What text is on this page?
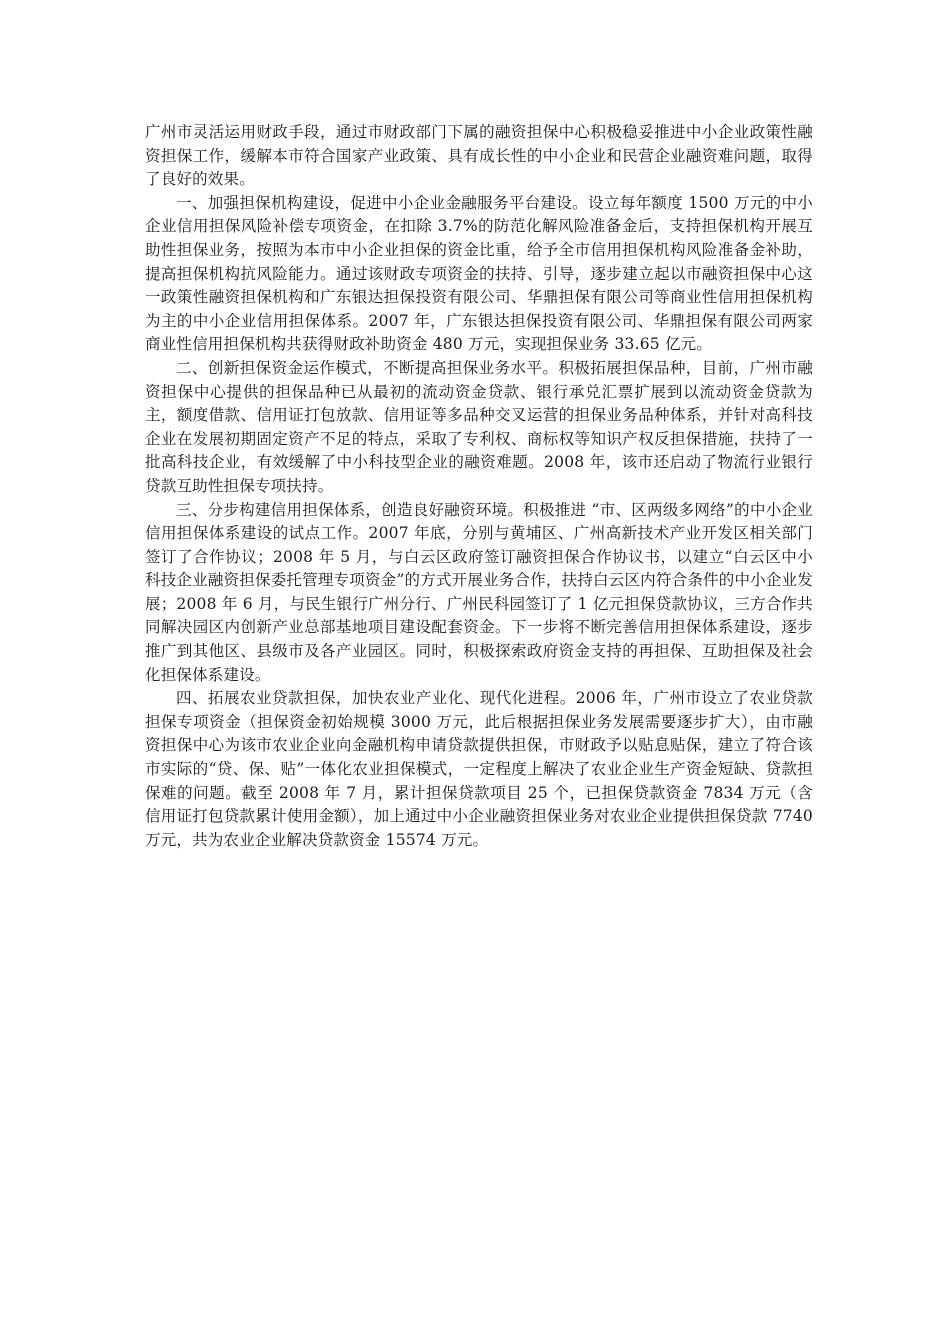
广州市灵活运用财政手段，通过市财政部门下属的融资担保中心积极稳妥推进中小企业政策性融资担保工作，缓解本市符合国家产业政策、具有成长性的中小企业和民营企业融资难问题，取得了良好的效果。

一、加强担保机构建设，促进中小企业金融服务平台建设。设立每年额度 1500 万元的中小企业信用担保风险补偿专项资金，在扣除 3.7%的防范化解风险准备金后，支持担保机构开展互助性担保业务，按照为本市中小企业担保的资金比重，给予全市信用担保机构风险准备金补助，提高担保机构抗风险能力。通过该财政专项资金的扶持、引导，逐步建立起以市融资担保中心这一政策性融资担保机构和广东银达担保投资有限公司、华鼎担保有限公司等商业性信用担保机构为主的中小企业信用担保体系。2007 年，广东银达担保投资有限公司、华鼎担保有限公司两家商业性信用担保机构共获得财政补助资金 480 万元，实现担保业务 33.65 亿元。

二、创新担保资金运作模式，不断提高担保业务水平。积极拓展担保品种，目前，广州市融资担保中心提供的担保品种已从最初的流动资金贷款、银行承兑汇票扩展到以流动资金贷款为主，额度借款、信用证打包放款、信用证等多品种交叉运营的担保业务品种体系，并针对高科技企业在发展初期固定资产不足的特点，采取了专利权、商标权等知识产权反担保措施，扶持了一批高科技企业，有效缓解了中小科技型企业的融资难题。2008 年，该市还启动了物流行业银行贷款互助性担保专项扶持。

三、分步构建信用担保体系，创造良好融资环境。积极推进 “市、区两级多网络”的中小企业信用担保体系建设的试点工作。2007 年底，分别与黄埔区、广州高新技术产业开发区相关部门签订了合作协议；2008 年 5 月，与白云区政府签订融资担保合作协议书，以建立“白云区中小科技企业融资担保委托管理专项资金”的方式开展业务合作，扶持白云区内符合条件的中小企业发展；2008 年 6 月，与民生银行广州分行、广州民科园签订了 1 亿元担保贷款协议，三方合作共同解决园区内创新产业总部基地项目建设配套资金。下一步将不断完善信用担保体系建设，逐步推广到其他区、县级市及各产业园区。同时，积极探索政府资金支持的再担保、互助担保及社会化担保体系建设。

四、拓展农业贷款担保，加快农业产业化、现代化进程。2006 年，广州市设立了农业贷款担保专项资金（担保资金初始规模 3000 万元，此后根据担保业务发展需要逐步扩大），由市融资担保中心为该市农业企业向金融机构申请贷款提供担保，市财政予以贴息贴保，建立了符合该市实际的“贷、保、贴”一体化农业担保模式，一定程度上解决了农业企业生产资金短缺、贷款担保难的问题。截至 2008 年 7 月，累计担保贷款项目 25 个，已担保贷款资金 7834 万元（含信用证打包贷款累计使用金额），加上通过中小企业融资担保业务对农业企业提供担保贷款 7740 万元，共为农业企业解决贷款资金 15574 万元。
